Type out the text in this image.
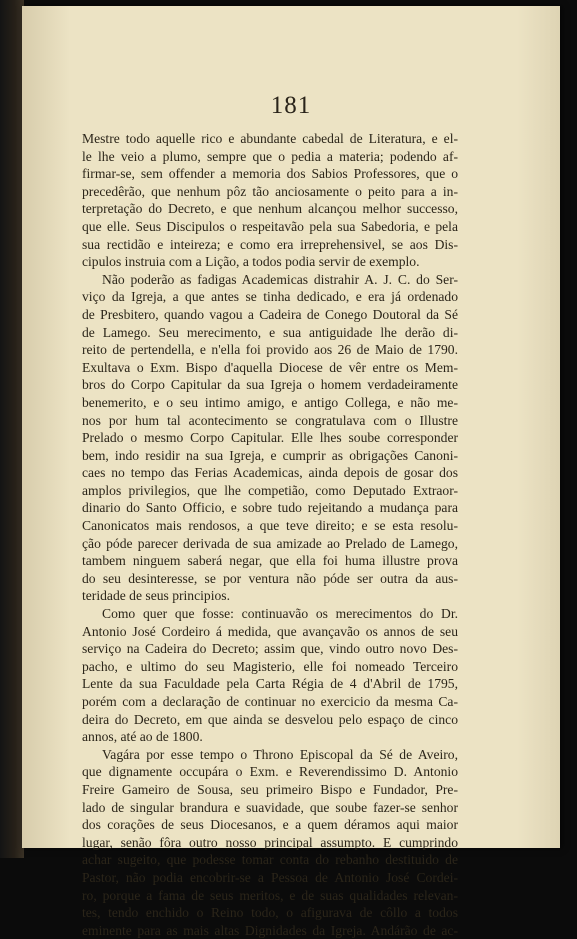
181
Mestre todo aquelle rico e abundante cabedal de Literatura, e el-
le lhe veio a plumo, sempre que o pedia a materia; podendo af-
firmar-se, sem offender a memoria dos Sabios Professores, que o
precedêrão, que nenhum pôz tão anciosamente o peito para a in-
terpretação do Decreto, e que nenhum alcançou melhor successo,
que elle. Seus Discipulos o respeitavão pela sua Sabedoria, e pela
sua rectidão e inteireza; e como era irreprehensivel, se aos Dis-
cipulos instruia com a Lição, a todos podia servir de exemplo.
Não poderão as fadigas Academicas distrahir A. J. C. do Ser-
viço da Igreja, a que antes se tinha dedicado, e era já ordenado
de Presbitero, quando vagou a Cadeira de Conego Doutoral da Sé
de Lamego. Seu merecimento, e sua antiguidade lhe derão di-
reito de pertendella, e n'ella foi provido aos 26 de Maio de 1790.
Exultava o Exm. Bispo d'aquella Diocese de vêr entre os Mem-
bros do Corpo Capitular da sua Igreja o homem verdadeiramente
benemerito, e o seu intimo amigo, e antigo Collega, e não me-
nos por hum tal acontecimento se congratulava com o Illustre
Prelado o mesmo Corpo Capitular. Elle lhes soube corresponder
bem, indo residir na sua Igreja, e cumprir as obrigações Canoni-
caes no tempo das Ferias Academicas, ainda depois de gosar dos
amplos privilegios, que lhe competião, como Deputado Extraor-
dinario do Santo Officio, e sobre tudo rejeitando a mudança para
Canonicatos mais rendosos, a que teve direito; e se esta resolu-
ção póde parecer derivada de sua amizade ao Prelado de Lamego,
tambem ninguem saberá negar, que ella foi huma illustre prova
do seu desinteresse, se por ventura não póde ser outra da aus-
teridade de seus principios.
Como quer que fosse: continuavão os merecimentos do Dr.
Antonio José Cordeiro á medida, que avançavão os annos de seu
serviço na Cadeira do Decreto; assim que, vindo outro novo Des-
pacho, e ultimo do seu Magisterio, elle foi nomeado Terceiro
Lente da sua Faculdade pela Carta Régia de 4 d'Abril de 1795,
porém com a declaração de continuar no exercicio da mesma Ca-
deira do Decreto, em que ainda se desvelou pelo espaço de cinco
annos, até ao de 1800.
Vagára por esse tempo o Throno Episcopal da Sé de Aveiro,
que dignamente occupára o Exm. e Reverendissimo D. Antonio
Freire Gameiro de Sousa, seu primeiro Bispo e Fundador, Pre-
lado de singular brandura e suavidade, que soube fazer-se senhor
dos corações de seus Diocesanos, e a quem déramos aqui maior
lugar, senão fôra outro nosso principal assumpto. E cumprindo
achar sugeito, que podesse tomar conta do rebanho destituido de
Pastor, não podia encobrir-se a Pessoa de Antonio José Cordei-
ro, porque a fama de seus meritos, e de suas qualidades relevan-
tes, tendo enchido o Reino todo, o afigurava de côllo a todos
eminente para as mais altas Dignidades da Igreja. Andárão de ac-
